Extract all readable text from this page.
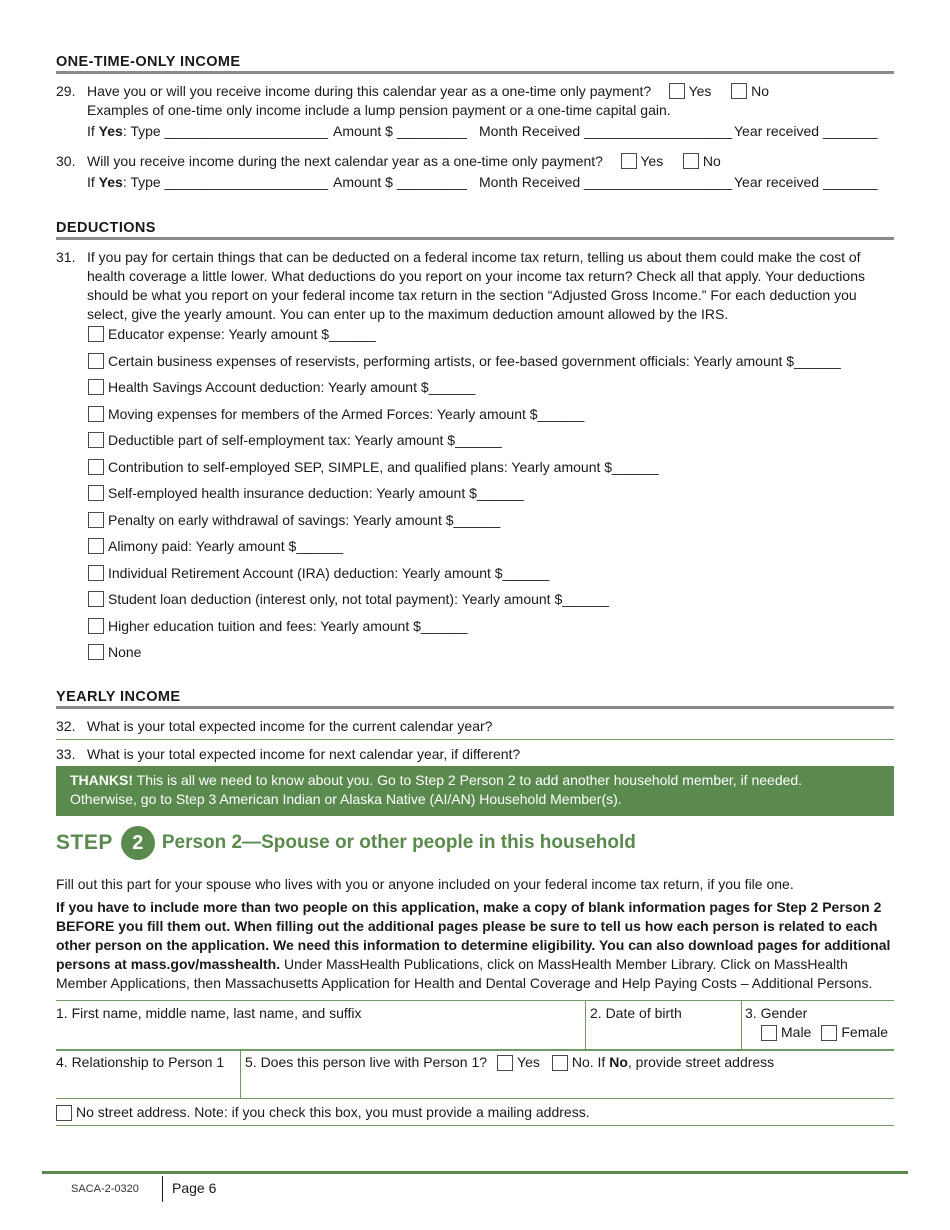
ONE-TIME-ONLY INCOME
29. Have you or will you receive income during this calendar year as a one-time only payment?	Yes	No
Examples of one-time only income include a lump pension payment or a one-time capital gain.
If Yes: Type _____________________ Amount $ _________ Month Received ___________________ Year received _______
30. Will you receive income during the next calendar year as a one-time only payment?	Yes	No
If Yes: Type _____________________ Amount $ _________ Month Received ___________________ Year received _______
DEDUCTIONS
31. If you pay for certain things that can be deducted on a federal income tax return, telling us about them could make the cost of health coverage a little lower. What deductions do you report on your income tax return? Check all that apply. Your deductions should be what you report on your federal income tax return in the section “Adjusted Gross Income.” For each deduction you select, give the yearly amount. You can enter up to the maximum deduction amount allowed by the IRS.
Educator expense: Yearly amount $______
Certain business expenses of reservists, performing artists, or fee-based government officials: Yearly amount $______
Health Savings Account deduction: Yearly amount $______
Moving expenses for members of the Armed Forces: Yearly amount $______
Deductible part of self-employment tax: Yearly amount $______
Contribution to self-employed SEP, SIMPLE, and qualified plans: Yearly amount $______
Self-employed health insurance deduction: Yearly amount $______
Penalty on early withdrawal of savings: Yearly amount $______
Alimony paid: Yearly amount $______
Individual Retirement Account (IRA) deduction: Yearly amount $______
Student loan deduction (interest only, not total payment): Yearly amount $______
Higher education tuition and fees: Yearly amount $______
None
YEARLY INCOME
32. What is your total expected income for the current calendar year?
33. What is your total expected income for next calendar year, if different?
THANKS! This is all we need to know about you. Go to Step 2 Person 2 to add another household member, if needed.
Otherwise, go to Step 3 American Indian or Alaska Native (AI/AN) Household Member(s).
STEP 2 Person 2—Spouse or other people in this household
Fill out this part for your spouse who lives with you or anyone included on your federal income tax return, if you file one.
If you have to include more than two people on this application, make a copy of blank information pages for Step 2 Person 2 BEFORE you fill them out. When filling out the additional pages please be sure to tell us how each person is related to each other person on the application. We need this information to determine eligibility. You can also download pages for additional persons at mass.gov/masshealth. Under MassHealth Publications, click on MassHealth Member Library. Click on MassHealth Member Applications, then Massachusetts Application for Health and Dental Coverage and Help Paying Costs – Additional Persons.
1. First name, middle name, last name, and suffix	2. Date of birth	3. Gender
Male Female
4. Relationship to Person 1	5. Does this person live with Person 1? Yes No. If No, provide street address
No street address. Note: if you check this box, you must provide a mailing address.
SACA-2-0320 Page 6
